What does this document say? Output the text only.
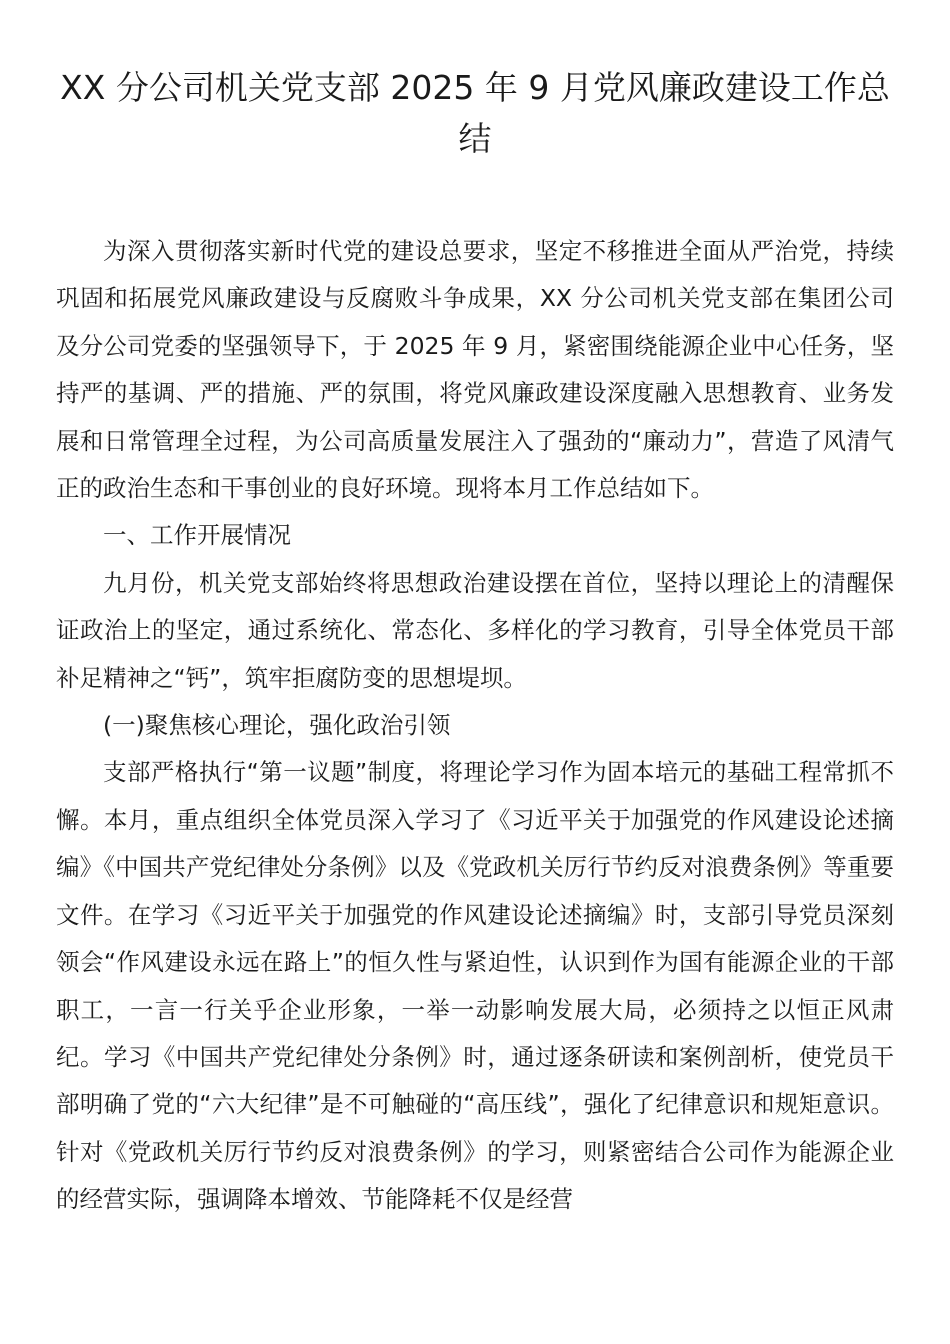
XX 分公司机关党支部 2025 年 9 月党风廉政建设工作总结

为深入贯彻落实新时代党的建设总要求，坚定不移推进全面从严治党，持续巩固和拓展党风廉政建设与反腐败斗争成果，XX 分公司机关党支部在集团公司及分公司党委的坚强领导下，于 2025 年 9 月，紧密围绕能源企业中心任务，坚持严的基调、严的措施、严的氛围，将党风廉政建设深度融入思想教育、业务发展和日常管理全过程，为公司高质量发展注入了强劲的“廉动力”，营造了风清气正的政治生态和干事创业的良好环境。现将本月工作总结如下。

一、工作开展情况

九月份，机关党支部始终将思想政治建设摆在首位，坚持以理论上的清醒保证政治上的坚定，通过系统化、常态化、多样化的学习教育，引导全体党员干部补足精神之“钙”，筑牢拒腐防变的思想堤坝。

(一)聚焦核心理论，强化政治引领

支部严格执行“第一议题”制度，将理论学习作为固本培元的基础工程常抓不懈。本月，重点组织全体党员深入学习了《习近平关于加强党的作风建设论述摘编》《中国共产党纪律处分条例》以及《党政机关厉行节约反对浪费条例》等重要文件。在学习《习近平关于加强党的作风建设论述摘编》时，支部引导党员深刻领会“作风建设永远在路上”的恒久性与紧迫性，认识到作为国有能源企业的干部职工，一言一行关乎企业形象，一举一动影响发展大局，必须持之以恒正风肃纪。学习《中国共产党纪律处分条例》时，通过逐条研读和案例剖析，使党员干部明确了党的“六大纪律”是不可触碰的“高压线”，强化了纪律意识和规矩意识。针对《党政机关厉行节约反对浪费条例》的学习，则紧密结合公司作为能源企业的经营实际，强调降本增效、节能降耗不仅是经营
